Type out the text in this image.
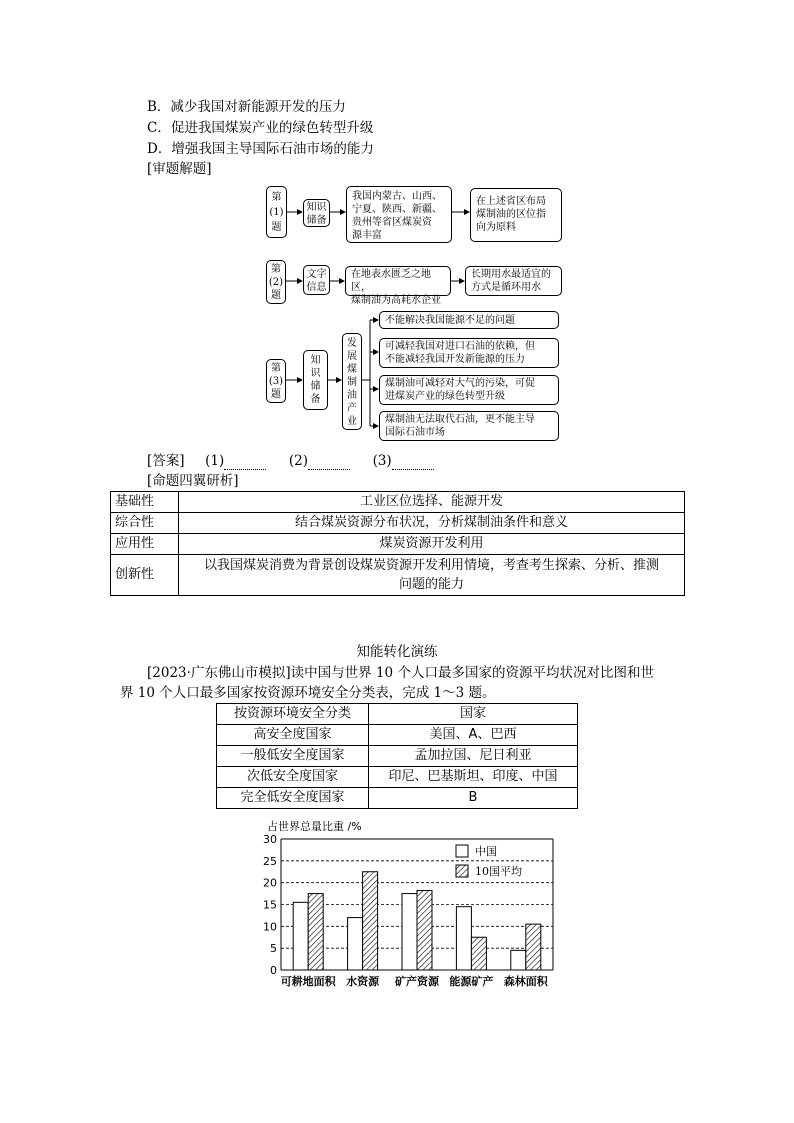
B．减少我国对新能源开发的压力
C．促进我国煤炭产业的绿色转型升级
D．增强我国主导国际石油市场的能力
[审题解题]
第
(1)
题
知识
储备
我国内蒙古、山西、
宁夏、陕西、新疆、
贵州等省区煤炭资
源丰富
在上述省区布局
煤制油的区位指
向为原料
第
(2)
题
文字
信息
在地表水匮乏之地区，
煤制油为高耗水企业
长期用水最适宜的
方式是循环用水
第
(3)
题
知
识
储
备
发
展
煤
制
油
产
业
不能解决我国能源不足的问题
可减轻我国对进口石油的依赖，但
不能减轻我国开发新能源的压力
煤制油可减轻对大气的污染，可促
进煤炭产业的绿色转型升级
煤制油无法取代石油，更不能主导
国际石油市场
[答案] (1)	(2)	(3)
[命题四翼研析]
基础性	工业区位选择、能源开发
综合性	结合煤炭资源分布状况，分析煤制油条件和意义
应用性	煤炭资源开发利用
创新性	以我国煤炭消费为背景创设煤炭资源开发利用情境，考查考生探索、分析、推测
问题的能力
知能转化演练
[2023·广东佛山市模拟]读中国与世界 10 个人口最多国家的资源平均状况对比图和世
界 10 个人口最多国家按资源环境安全分类表，完成 1～3 题。
按资源环境安全分类	国家
高安全度国家	美国、A、巴西
一般低安全度国家	孟加拉国、尼日利亚
次低安全度国家	印尼、巴基斯坦、印度、中国
完全低安全度国家	B
占世界总量比重 /%
0
5
10
15
20
25
30
可耕地面积 水资源 矿产资源 能源矿产 森林面积
中国
10国平均
